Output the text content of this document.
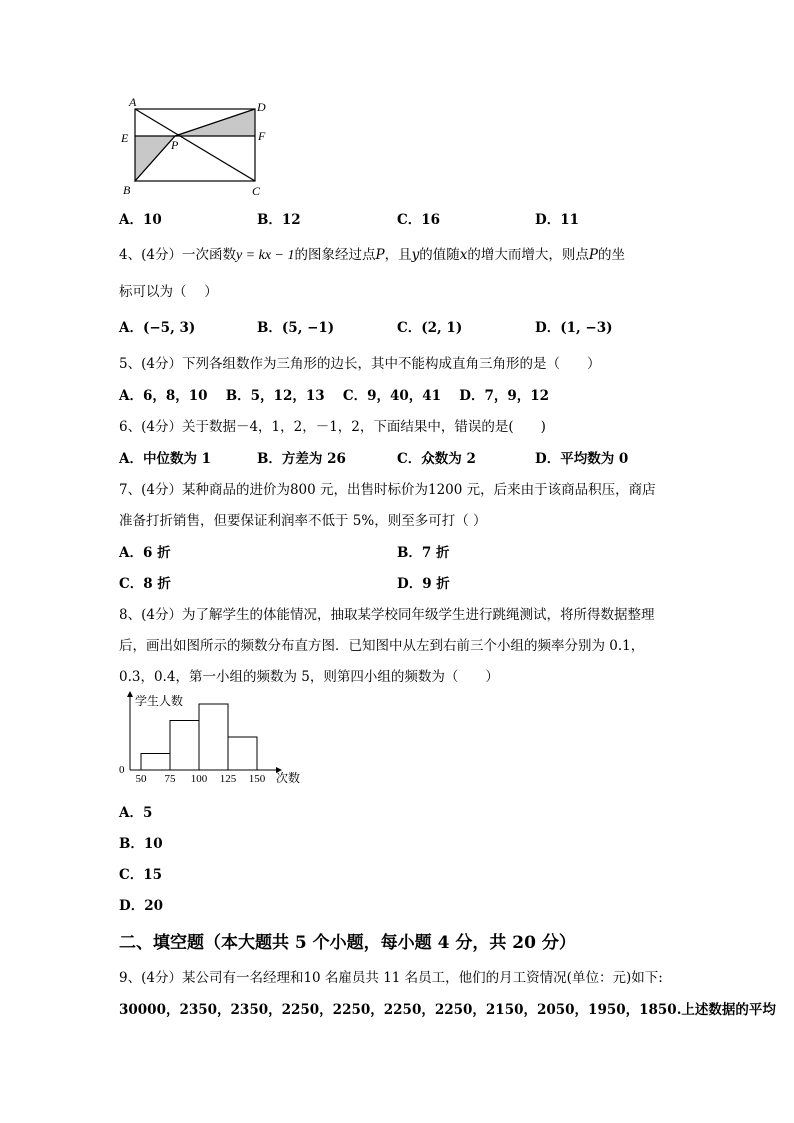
A	D
E	F
P
B	C
A．10	B．12	C．16	D．11
4、(4分）一次函数y = kx − 1的图象经过点P，且y的值随x的增大而增大，则点P的坐
标可以为（　 ）
A．(−5, 3)	B．(5, −1)	C．(2, 1)	D．(1, −3)
5、(4分）下列各组数作为三角形的边长，其中不能构成直角三角形的是（　　）
A．6，8，10　 B．5，12，13　 C．9，40，41　 D．7，9，12
6、(4分）关于数据－4，1，2，－1，2，下面结果中，错误的是(　　)
A．中位数为 1	B．方差为 26	C．众数为 2	D．平均数为 0
7、(4分）某种商品的进价为800 元，出售时标价为1200 元，后来由于该商品积压，商店
准备打折销售，但要保证利润率不低于 5%，则至多可打（ ）
A．6 折	B．7 折
C．8 折	D．9 折
8、(4分）为了解学生的体能情况，抽取某学校同年级学生进行跳绳测试，将所得数据整理
后，画出如图所示的频数分布直方图．已知图中从左到右前三个小组的频率分别为 0.1，
0.3，0.4，第一小组的频数为 5，则第四小组的频数为（　　）
学生人数
次数
0
50 75 100 125 150
A．5
B．10
C．15
D．20
二、填空题（本大题共 5 个小题，每小题 4 分，共 20 分）
9、(4分）某公司有一名经理和10 名雇员共 11 名员工，他们的月工资情况(单位：元)如下:
30000，2350，2350，2250，2250，2250，2250，2150，2050，1950，1850.上述数据的平均
